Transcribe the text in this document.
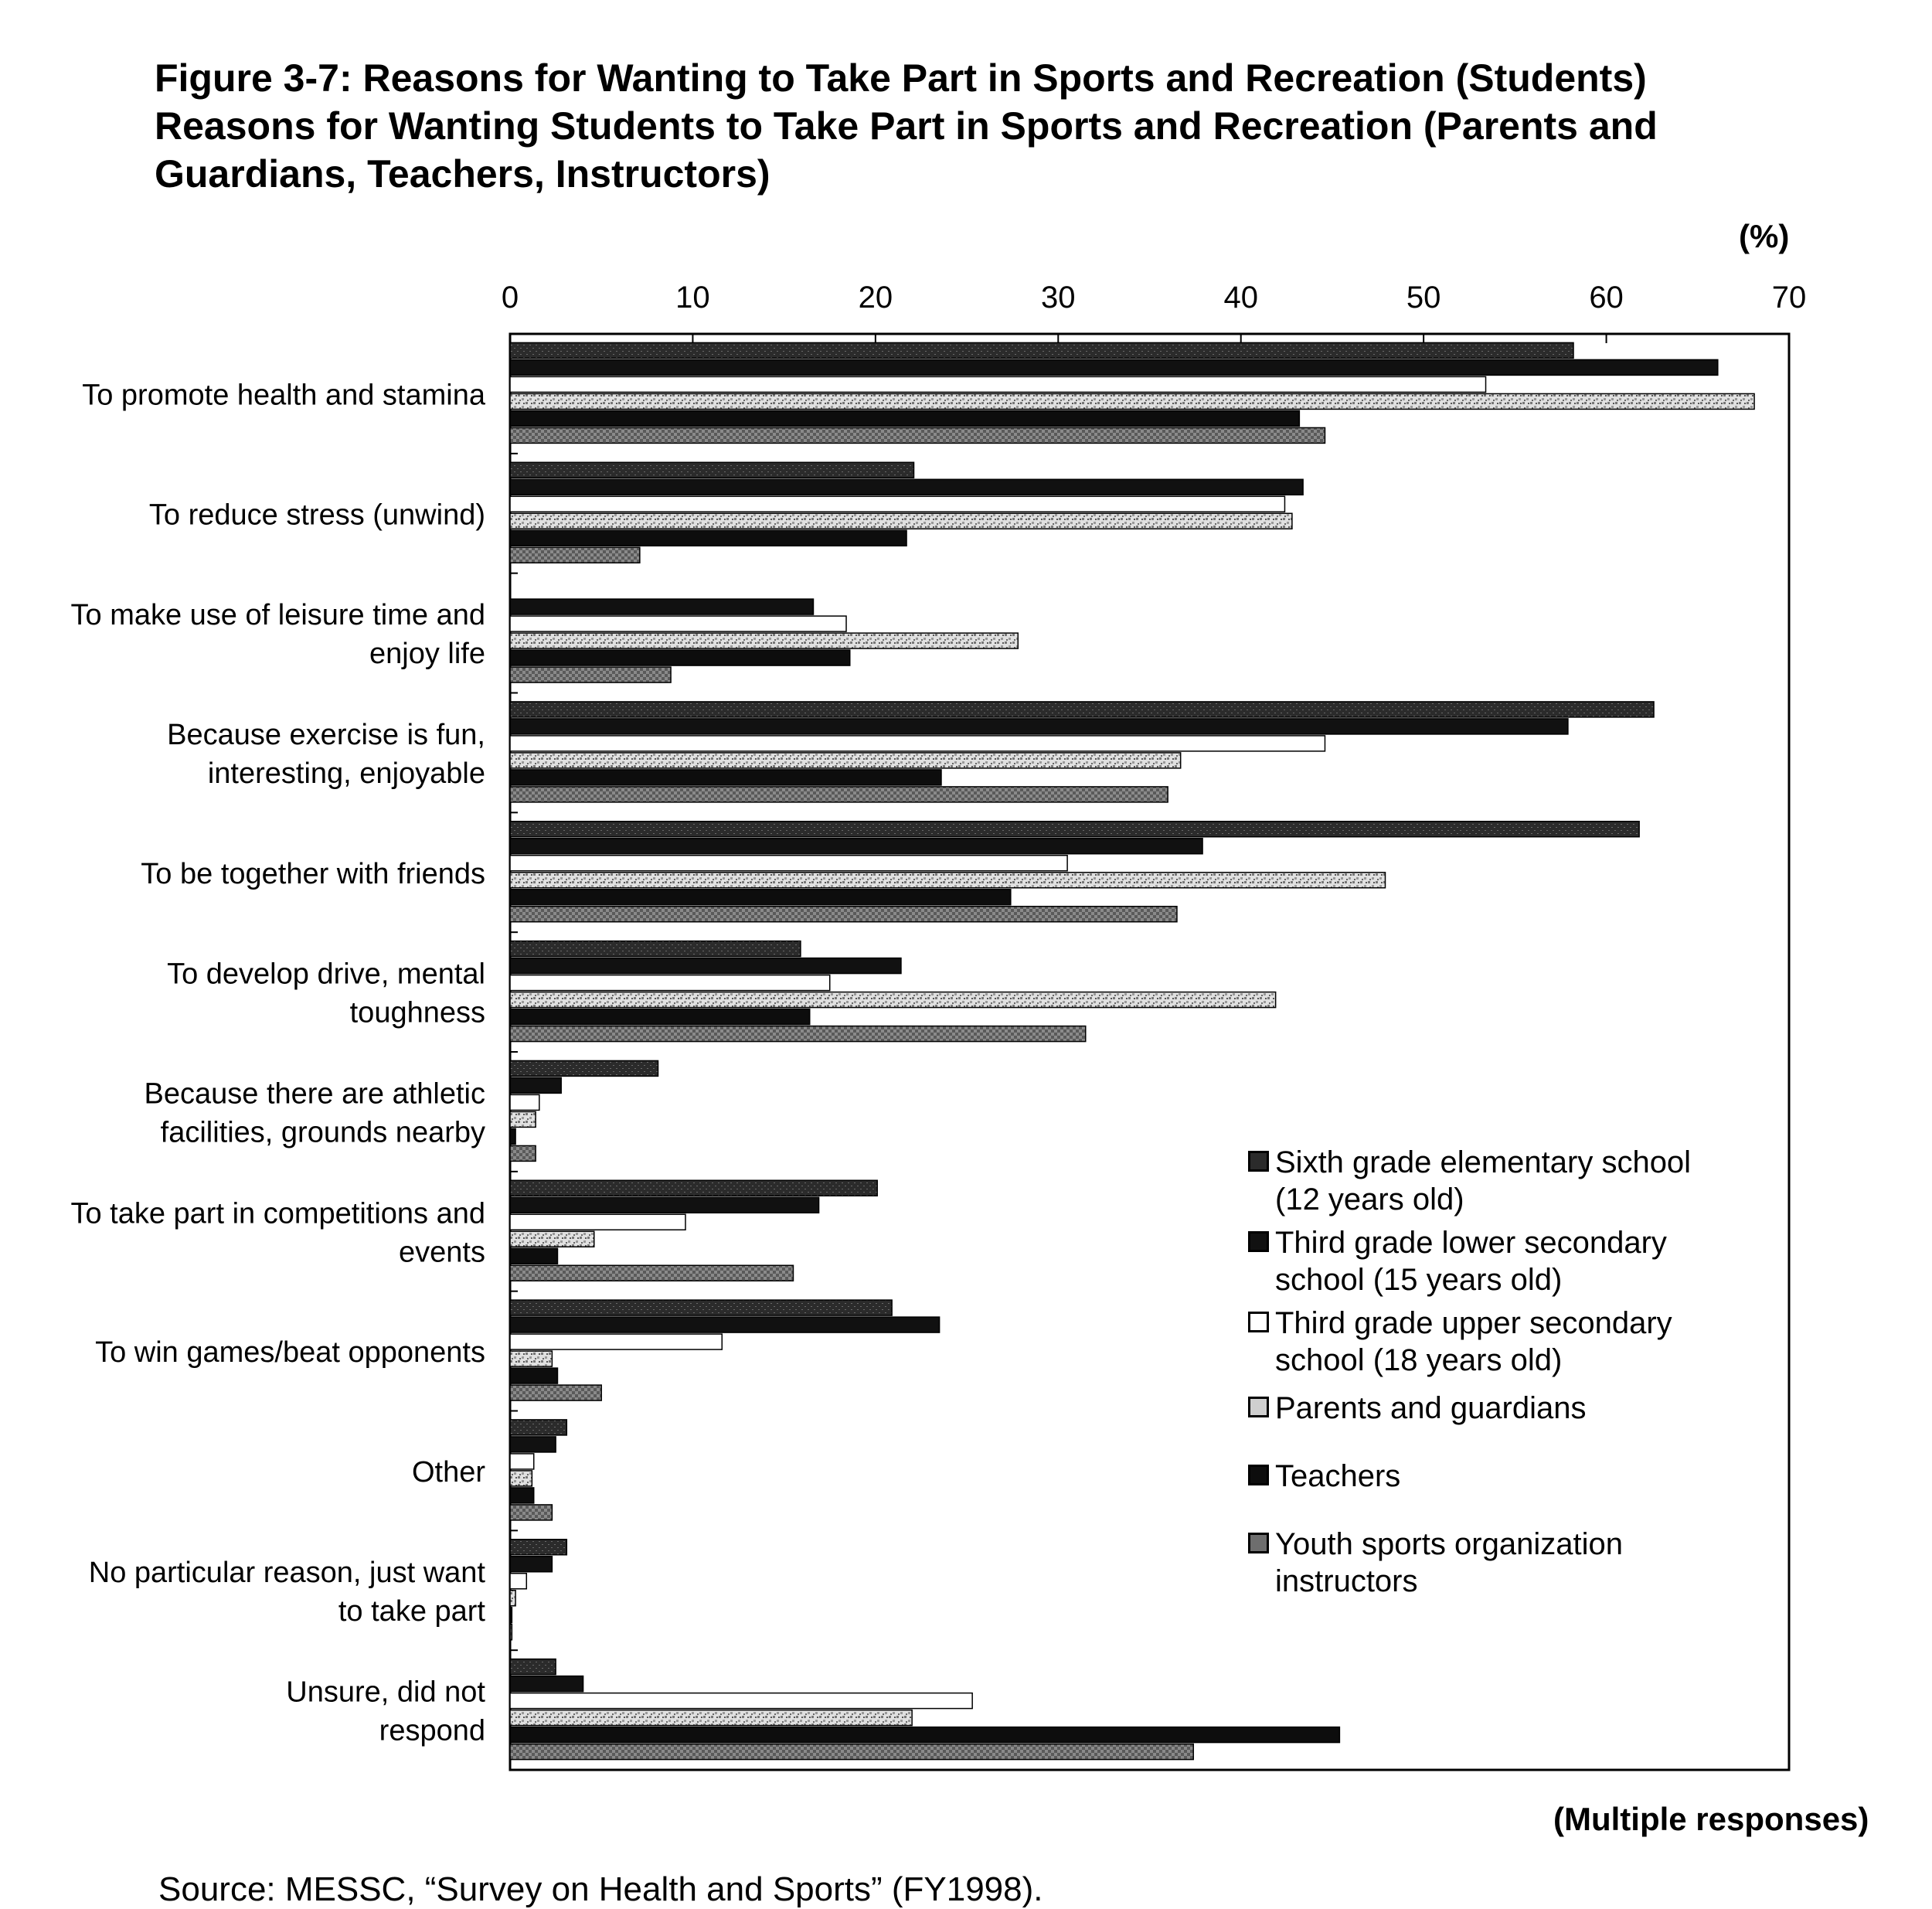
Figure 3-7: Reasons for Wanting to Take Part in Sports and Recreation (Students)
Reasons for Wanting Students to Take Part in Sports and Recreation (Parents and
Guardians, Teachers, Instructors)
(%)
0	10	20	30	40	50	60	70
To promote health and stamina
To reduce stress (unwind)
To make use of leisure time and
enjoy life
Because exercise is fun,
interesting, enjoyable
To be together with friends
To develop drive, mental
toughness
Because there are athletic
facilities, grounds nearby
To take part in competitions and
events
To win games/beat opponents
Other
No particular reason, just want
to take part
Unsure, did not
respond
Sixth grade elementary school
(12 years old)
Third grade lower secondary
school (15 years old)
Third grade upper secondary
school (18 years old)
Parents and guardians
Teachers
Youth sports organization
instructors
(Multiple responses)
Source: MESSC, “Survey on Health and Sports” (FY1998).
